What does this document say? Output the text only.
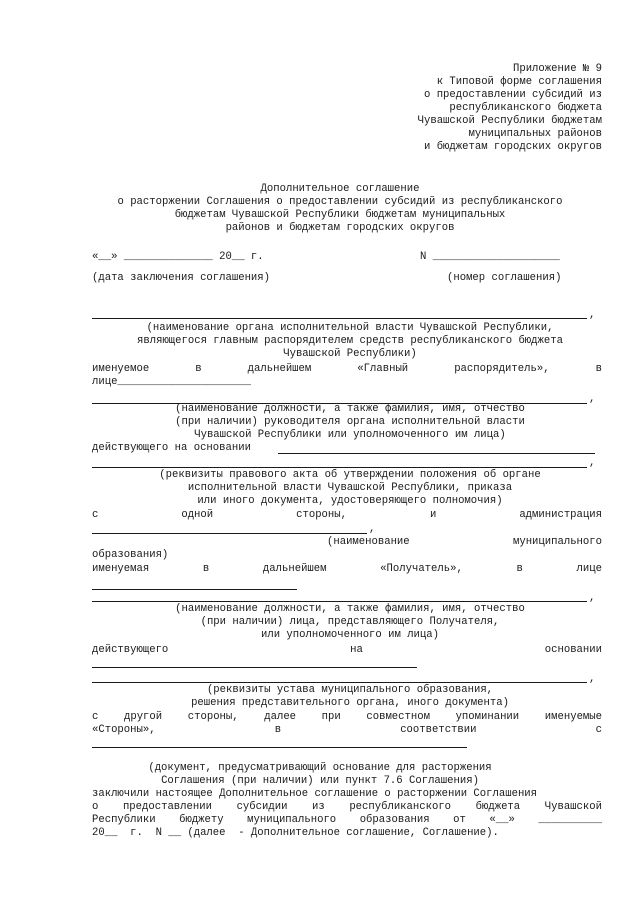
Приложение № 9
к Типовой форме соглашения
о предоставлении субсидий из
республиканского бюджета
Чувашской Республики бюджетам
муниципальных районов
и бюджетам городских округов
Дополнительное соглашение
о расторжении Соглашения о предоставлении субсидий из республиканского
бюджетам Чувашской Республики бюджетам муниципальных
районов и бюджетам городских округов
«__» ______________ 20__ г.	N ____________________
(дата заключения соглашения)	(номер соглашения)
,
(наименование органа исполнительной власти Чувашской Республики,
являющегося главным распорядителем средств республиканского бюджета
Чувашской Республики)
именуемое	в	дальнейшем	«Главный	распорядитель»,	в
лице_____________________
,
(наименование должности, а также фамилия, имя, отчество
(при наличии) руководителя органа исполнительной власти
Чувашской Республики или уполномоченного им лица)
действующего на основании
,
(реквизиты правового акта об утверждении положения об органе
исполнительной власти Чувашской Республики, приказа
или иного документа, удостоверяющего полномочия)
с	одной	стороны,	и	администрация
,
(наименование	муниципального
образования)
именуемая	в	дальнейшем	«Получатель»,	в	лице
,
(наименование должности, а также фамилия, имя, отчество
(при наличии) лица, представляющего Получателя,
или уполномоченного им лица)
действующего	на	основании
,
(реквизиты устава муниципального образования,
решения представительного органа, иного документа)
с другой стороны, далее при совместном упоминании именуемые
«Стороны»,	в	соответствии	с
(документ, предусматривающий основание для расторжения
Соглашения (при наличии) или пункт 7.6 Соглашения)
заключили настоящее Дополнительное соглашение о расторжении Соглашения
о предоставлении субсидии из республиканского бюджета Чувашской
Республики бюджету муниципального образования от «__» __________
20__  г.  N __ (далее  - Дополнительное соглашение, Соглашение).
